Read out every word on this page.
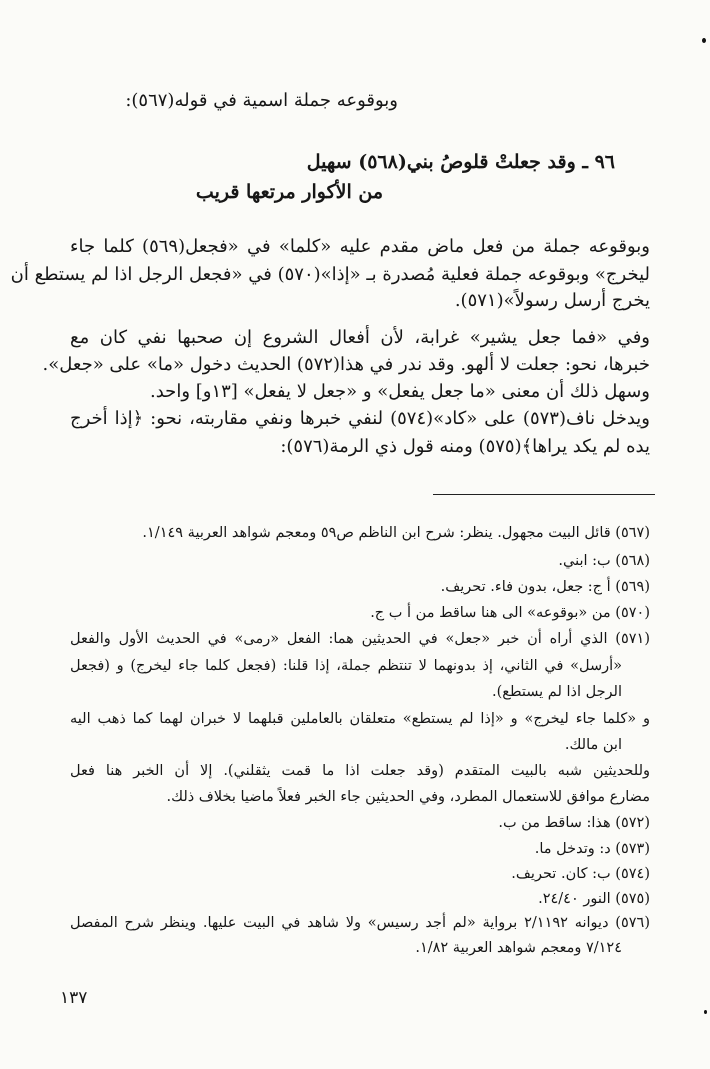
وبوقوعه جملة اسمية في قوله(٥٦٧):
٩٦ ـ وقد جعلتْ قلوصُ بني(٥٦٨) سهيل
من الأكوار مرتعها قريب
وبوقوعه جملة من فعل ماض مقدم عليه «كلما» في «فجعل(٥٦٩) كلما جاء
ليخرج» وبوقوعه جملة فعلية مُصدرة بـ «إذا»(٥٧٠) في «فجعل الرجل اذا لم يستطع أن
يخرج أرسل رسولاً»(٥٧١).
وفي «فما جعل يشير» غرابة، لأن أفعال الشروع إن صحبها نفي كان مع
خبرها، نحو: جعلت لا ألهو. وقد ندر في هذا(٥٧٢) الحديث دخول «ما» على «جعل».
وسهل ذلك أن معنى «ما جعل يفعل» و «جعل لا يفعل» [١٣و] واحد.
ويدخل ناف(٥٧٣) على «كاد»(٥٧٤) لنفي خبرها ونفي مقاربته، نحو: ﴿إذا أخرج
يده لم يكد يراها﴾(٥٧٥) ومنه قول ذي الرمة(٥٧٦):
(٥٦٧) قائل البيت مجهول. ينظر: شرح ابن الناظم ص٥٩ ومعجم شواهد العربية ١/١٤٩.
(٥٦٨) ب: ابني.
(٥٦٩) أ ج: جعل، بدون فاء. تحريف.
(٥٧٠) من «بوقوعه» الى هنا ساقط من أ ب ج.
(٥٧١) الذي أراه أن خبر «جعل» في الحديثين هما: الفعل «رمى» في الحديث الأول والفعل
«أرسل» في الثاني، إذ بدونهما لا تنتظم جملة، إذا قلنا: (فجعل كلما جاء ليخرج) و (فجعل
الرجل اذا لم يستطع).
و «كلما جاء ليخرج» و «إذا لم يستطع» متعلقان بالعاملين قبلهما لا خبران لهما كما ذهب اليه
ابن مالك.
وللحديثين شبه بالبيت المتقدم (وقد جعلت اذا ما قمت يثقلني). إلا أن الخبر هنا فعل
مضارع موافق للاستعمال المطرد، وفي الحديثين جاء الخبر فعلاً ماضيا بخلاف ذلك.
(٥٧٢) هذا: ساقط من ب.
(٥٧٣) د: وتدخل ما.
(٥٧٤) ب: كان. تحريف.
(٥٧٥) النور ٢٤/٤٠.
(٥٧٦) ديوانه ٢/١١٩٢ برواية «لم أجد رسيس» ولا شاهد في البيت عليها. وينظر شرح المفصل
٧/١٢٤ ومعجم شواهد العربية ١/٨٢.
١٣٧
